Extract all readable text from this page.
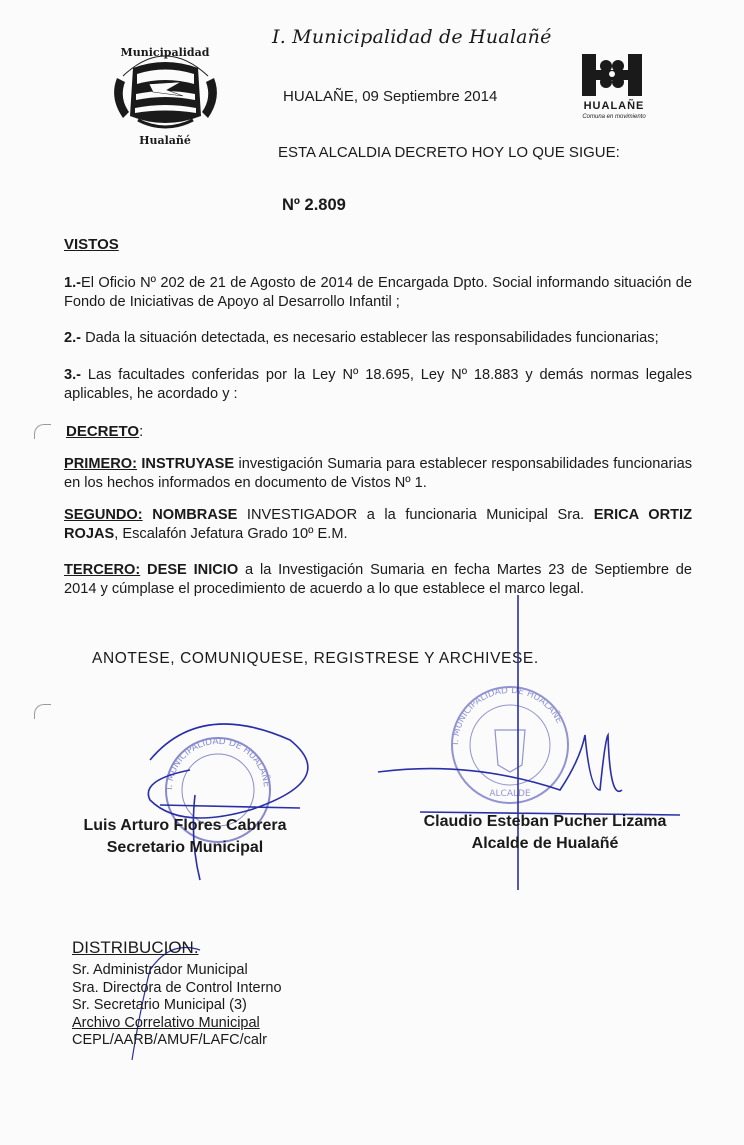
I. Municipalidad de Hualañé
Municipalidad
Hualañé
HUALAÑE
Comuna en movimiento
HUALAÑE, 09 Septiembre 2014
ESTA ALCALDIA DECRETO HOY LO QUE SIGUE:
Nº 2.809
VISTOS
1.-El Oficio Nº 202 de 21 de Agosto de 2014 de Encargada Dpto. Social informando situación de Fondo de Iniciativas de Apoyo al Desarrollo Infantil ;
2.- Dada la situación detectada, es necesario establecer las responsabilidades funcionarias;
3.- Las facultades conferidas por la Ley Nº 18.695, Ley Nº 18.883 y demás normas legales aplicables, he acordado y :
DECRETO:
PRIMERO: INSTRUYASE investigación Sumaria para establecer responsabilidades funcionarias en los hechos informados en documento de Vistos Nº 1.
SEGUNDO: NOMBRASE INVESTIGADOR a la funcionaria Municipal Sra. ERICA ORTIZ ROJAS, Escalafón Jefatura Grado 10º E.M.
TERCERO: DESE INICIO a la Investigación Sumaria en fecha Martes 23 de Septiembre de 2014 y cúmplase el procedimiento de acuerdo a lo que establece el marco legal.
ANOTESE, COMUNIQUESE, REGISTRESE Y ARCHIVESE.
I. MUNICIPALIDAD DE HUALAÑE
I. MUNICIPALIDAD DE HUALAÑE
ALCALDE
Luis Arturo Flores Cabrera
Secretario Municipal
Claudio Esteban Pucher Lizama
Alcalde de Hualañé
DISTRIBUCION.
Sr. Administrador Municipal
Sra. Directora de Control Interno
Sr. Secretario Municipal (3)
Archivo Correlativo Municipal
CEPL/AARB/AMUF/LAFC/calr
